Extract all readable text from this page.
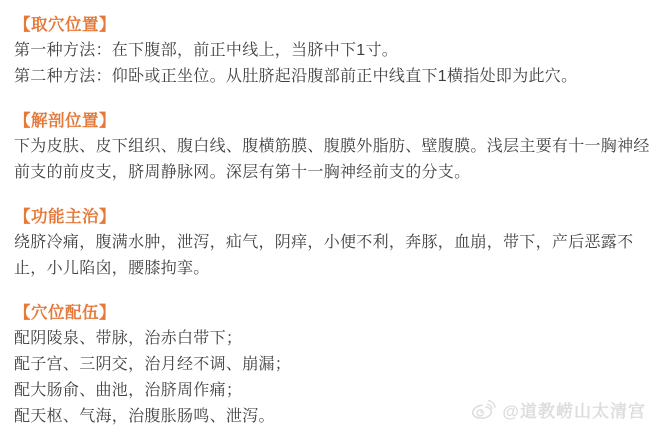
【取穴位置】

第一种方法：在下腹部，前正中线上，当脐中下1寸。

第二种方法：仰卧或正坐位。从肚脐起沿腹部前正中线直下1横指处即为此穴。

【解剖位置】

下为皮肤、皮下组织、腹白线、腹横筋膜、腹膜外脂肪、壁腹膜。浅层主要有十一胸神经

前支的前皮支，脐周静脉网。深层有第十一胸神经前支的分支。

【功能主治】

绕脐冷痛，腹满水肿，泄泻，疝气，阴痒，小便不利，奔豚，血崩，带下，产后恶露不

止，小儿陷囟，腰膝拘挛。

【穴位配伍】

配阴陵泉、带脉，治赤白带下；

配子宫、三阴交，治月经不调、崩漏；

配大肠俞、曲池，治脐周作痛；

配天枢、气海，治腹胀肠鸣、泄泻。	@道教崂山太清宫
